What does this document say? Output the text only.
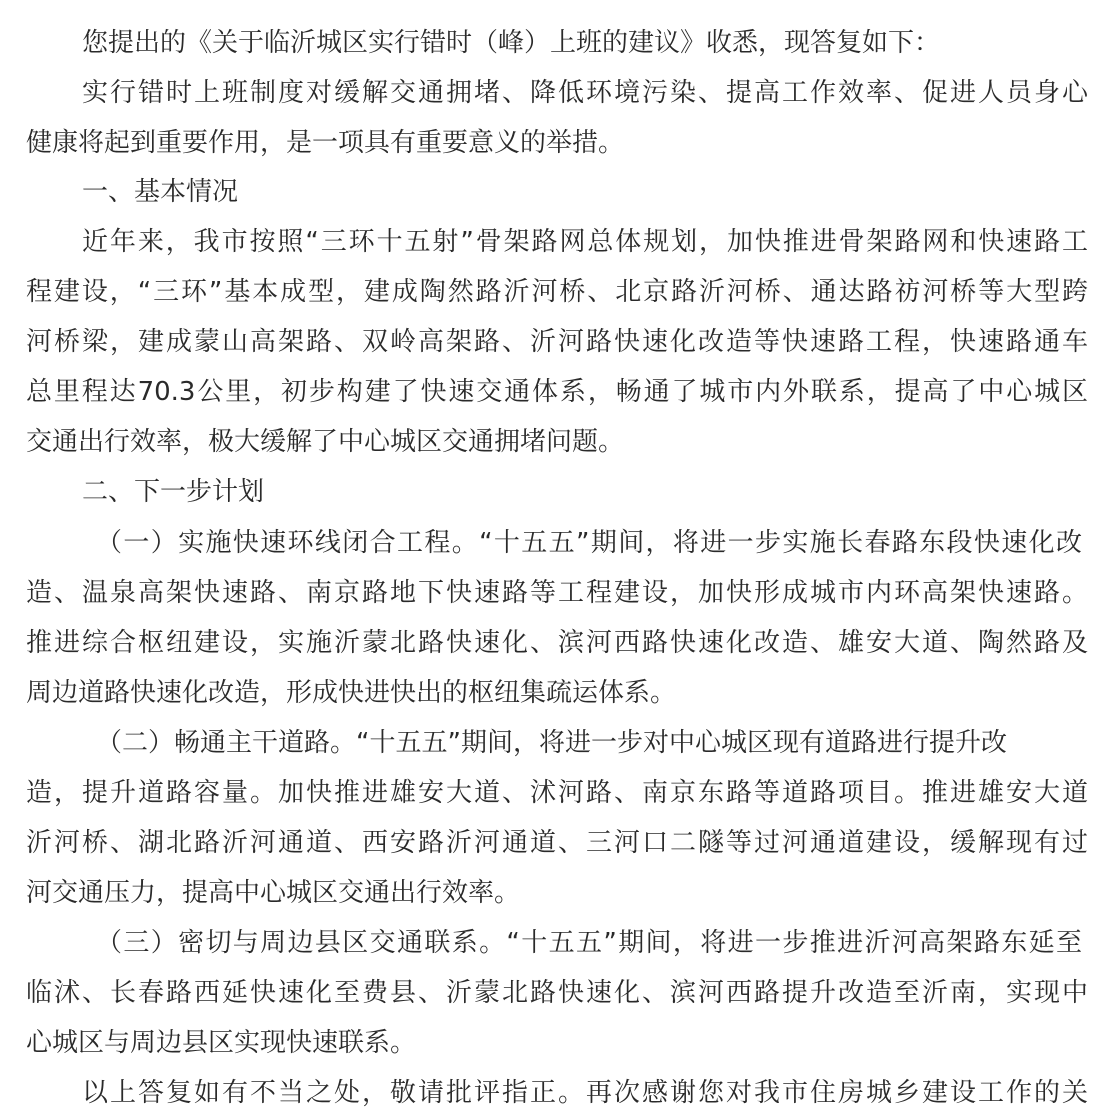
您提出的《关于临沂城区实行错时（峰）上班的建议》收悉，现答复如下：
实行错时上班制度对缓解交通拥堵、降低环境污染、提高工作效率、促进人员身心
健康将起到重要作用，是一项具有重要意义的举措。
一、基本情况
近年来，我市按照“三环十五射”骨架路网总体规划，加快推进骨架路网和快速路工
程建设，“三环”基本成型，建成陶然路沂河桥、北京路沂河桥、通达路祊河桥等大型跨
河桥梁，建成蒙山高架路、双岭高架路、沂河路快速化改造等快速路工程，快速路通车
总里程达70.3公里，初步构建了快速交通体系，畅通了城市内外联系，提高了中心城区
交通出行效率，极大缓解了中心城区交通拥堵问题。
二、下一步计划
（一）实施快速环线闭合工程。“十五五”期间，将进一步实施长春路东段快速化改
造、温泉高架快速路、南京路地下快速路等工程建设，加快形成城市内环高架快速路。
推进综合枢纽建设，实施沂蒙北路快速化、滨河西路快速化改造、雄安大道、陶然路及
周边道路快速化改造，形成快进快出的枢纽集疏运体系。
（二）畅通主干道路。“十五五”期间，将进一步对中心城区现有道路进行提升改
造，提升道路容量。加快推进雄安大道、沭河路、南京东路等道路项目。推进雄安大道
沂河桥、湖北路沂河通道、西安路沂河通道、三河口二隧等过河通道建设，缓解现有过
河交通压力，提高中心城区交通出行效率。
（三）密切与周边县区交通联系。“十五五”期间，将进一步推进沂河高架路东延至
临沭、长春路西延快速化至费县、沂蒙北路快速化、滨河西路提升改造至沂南，实现中
心城区与周边县区实现快速联系。
以上答复如有不当之处，敬请批评指正。再次感谢您对我市住房城乡建设工作的关
